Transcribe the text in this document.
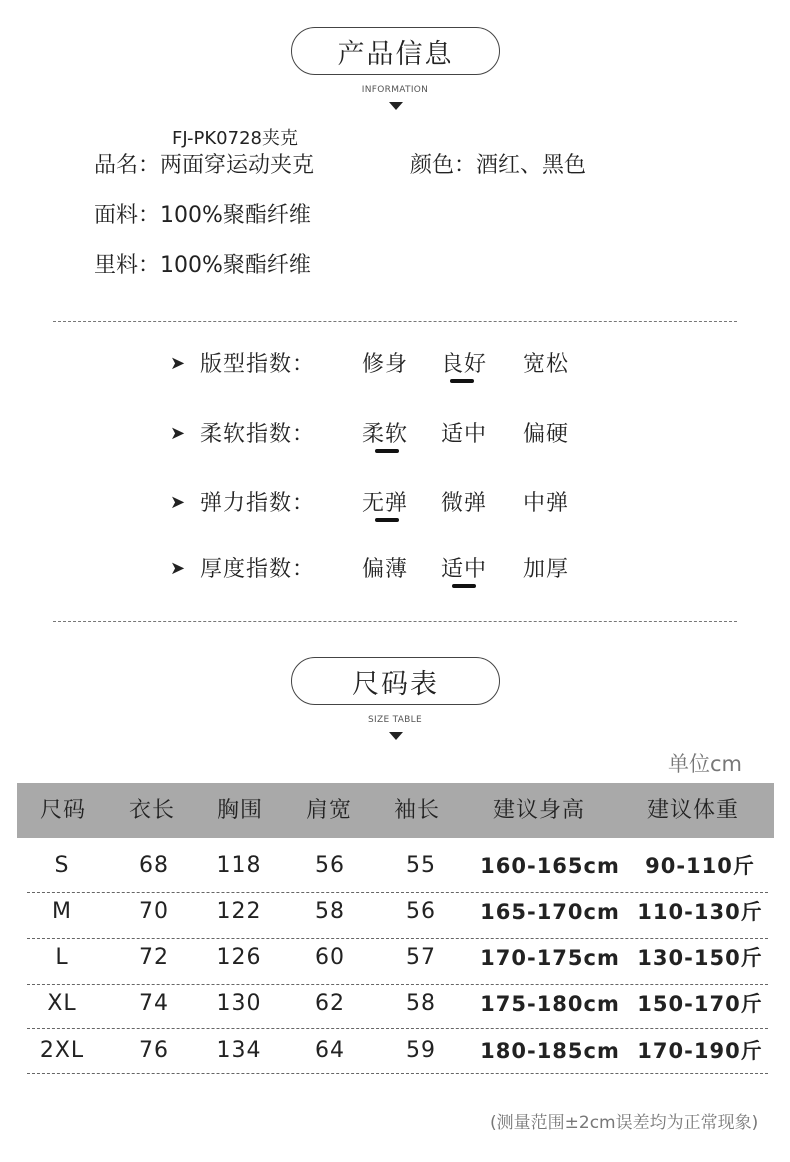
产品信息
INFORMATION
FJ-PK0728夹克
品名：两面穿运动夹克	颜色：酒红、黑色
面料：100%聚酯纤维
里料：100%聚酯纤维
➤ 版型指数： 修身 良好 宽松
➤ 柔软指数： 柔软 适中 偏硬
➤ 弹力指数： 无弹 微弹 中弹
➤ 厚度指数： 偏薄 适中 加厚
尺码表
SIZE TABLE
单位cm
尺码	衣长	胸围	肩宽	袖长	建议身高	建议体重
S	68	118	56	55	160-165cm	90-110斤
M	70	122	58	56	165-170cm 110-130斤
L	72	126	60	57	170-175cm 130-150斤
XL	74	130	62	58	175-180cm 150-170斤
2XL	76	134	64	59	180-185cm 170-190斤
(测量范围±2cm误差均为正常现象)
